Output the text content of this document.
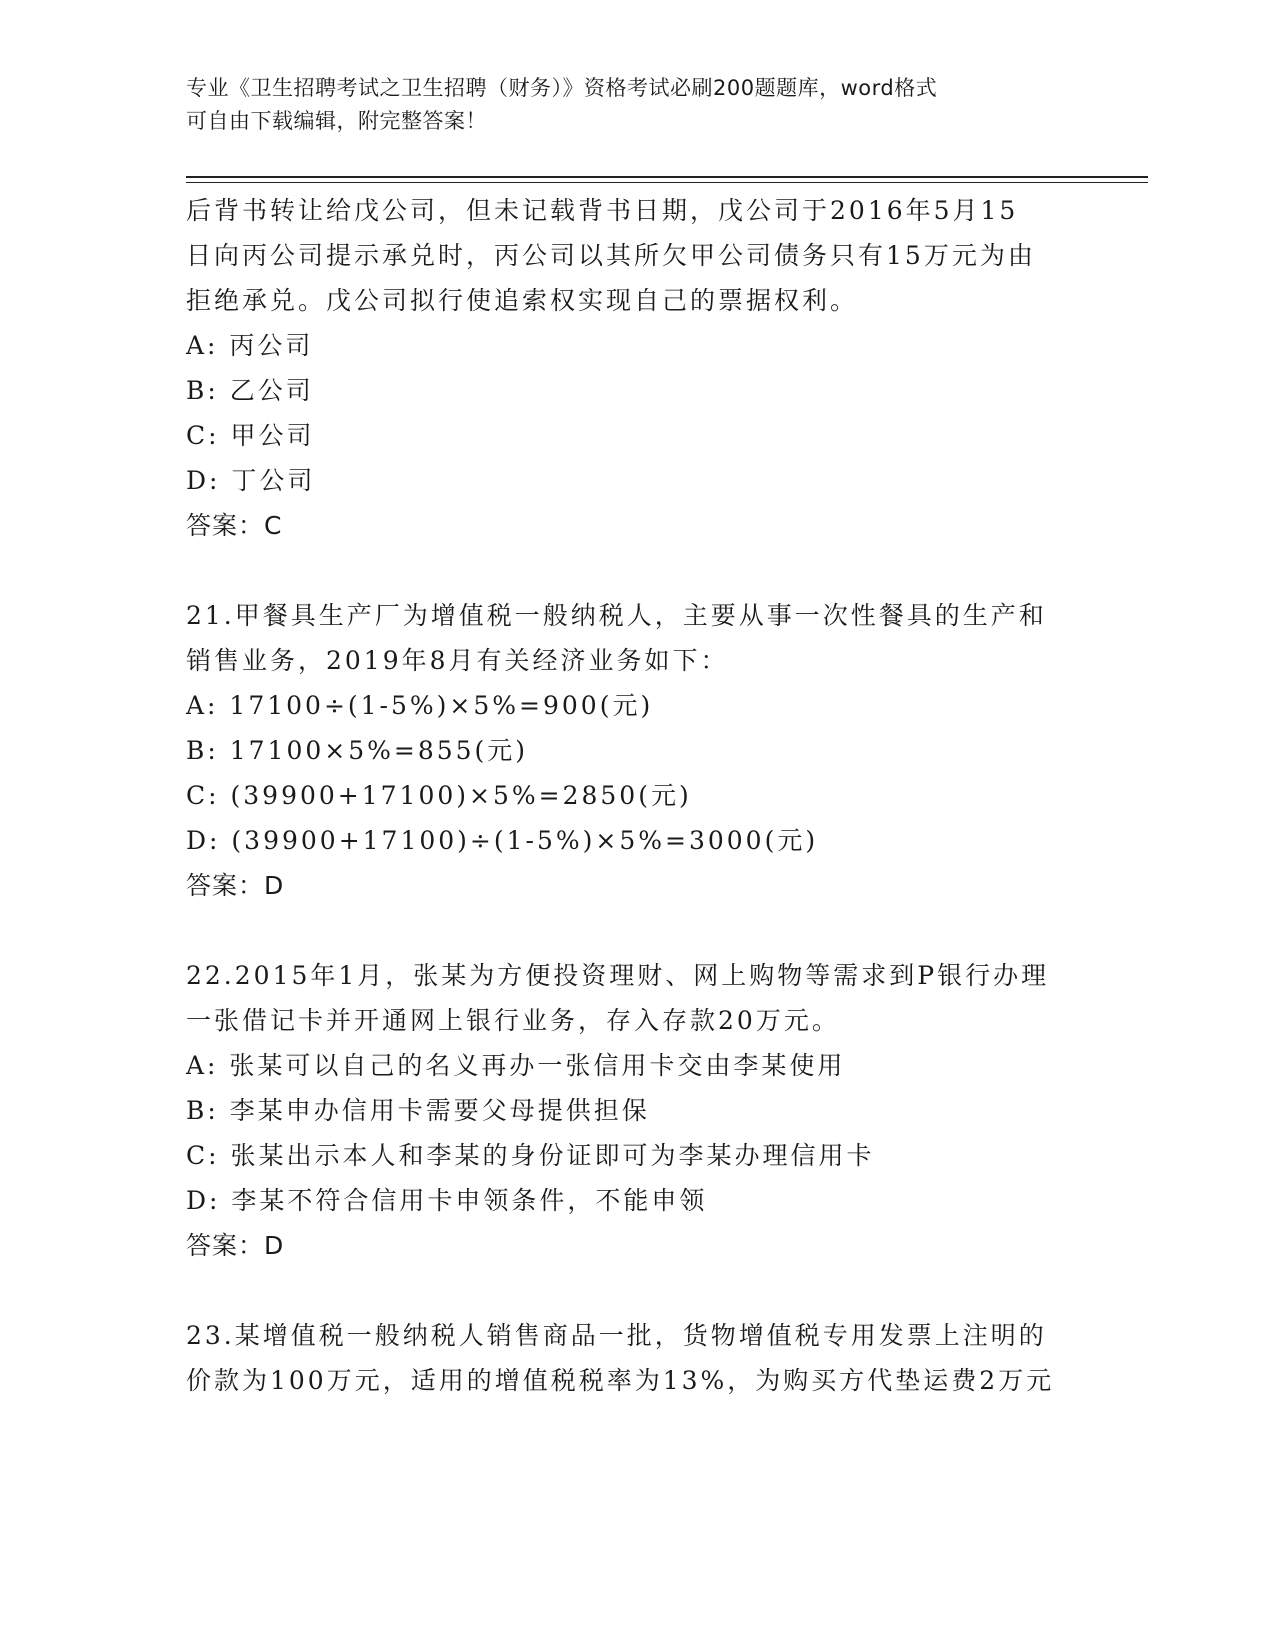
专业《卫生招聘考试之卫生招聘（财务）》资格考试必刷200题题库，word格式
可自由下载编辑，附完整答案！
后背书转让给戊公司，但未记载背书日期，戊公司于2016年5月15
日向丙公司提示承兑时，丙公司以其所欠甲公司债务只有15万元为由
拒绝承兑。戊公司拟行使追索权实现自己的票据权利。
A: 丙公司
B: 乙公司
C: 甲公司
D: 丁公司
答案：C
21.甲餐具生产厂为增值税一般纳税人，主要从事一次性餐具的生产和
销售业务，2019年8月有关经济业务如下：
A: 17100÷(1-5%)×5%=900(元)
B: 17100×5%=855(元)
C: (39900+17100)×5%=2850(元)
D: (39900+17100)÷(1-5%)×5%=3000(元)
答案：D
22.2015年1月，张某为方便投资理财、网上购物等需求到P银行办理
一张借记卡并开通网上银行业务，存入存款20万元。
A: 张某可以自己的名义再办一张信用卡交由李某使用
B: 李某申办信用卡需要父母提供担保
C: 张某出示本人和李某的身份证即可为李某办理信用卡
D: 李某不符合信用卡申领条件，不能申领
答案：D
23.某增值税一般纳税人销售商品一批，货物增值税专用发票上注明的
价款为100万元，适用的增值税税率为13%，为购买方代垫运费2万元
